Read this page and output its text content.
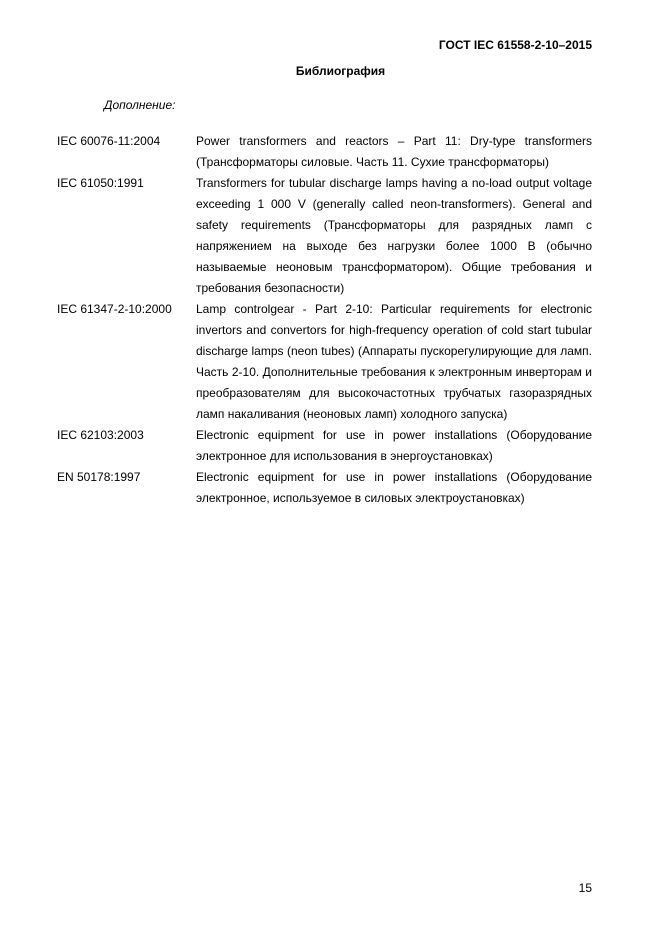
ГОСТ IEC 61558-2-10–2015
Библиография
Дополнение:
IEC 60076-11:2004	Power transformers and reactors – Part 11: Dry-type transformers (Трансформаторы силовые. Часть 11. Сухие трансформаторы)
IEC 61050:1991	Transformers for tubular discharge lamps having a no-load output voltage exceeding 1 000 V (generally called neon-transformers). General and safety requirements (Трансформаторы для разрядных ламп с напряжением на выходе без нагрузки более 1000 В (обычно называемые неоновым трансформатором). Общие требования и требования безопасности)
IEC 61347-2-10:2000	Lamp controlgear - Part 2-10: Particular requirements for electronic invertors and convertors for high-frequency operation of cold start tubular discharge lamps (neon tubes) (Аппараты пускорегулирующие для ламп. Часть 2-10. Дополнительные требования к электронным инверторам и преобразователям для высокочастотных трубчатых газоразрядных ламп накаливания (неоновых ламп) холодного запуска)
IEC 62103:2003	Electronic equipment for use in power installations (Оборудование электронное для использования в энергоустановках)
EN 50178:1997	Electronic equipment for use in power installations (Оборудование электронное, используемое в силовых электроустановках)
15
